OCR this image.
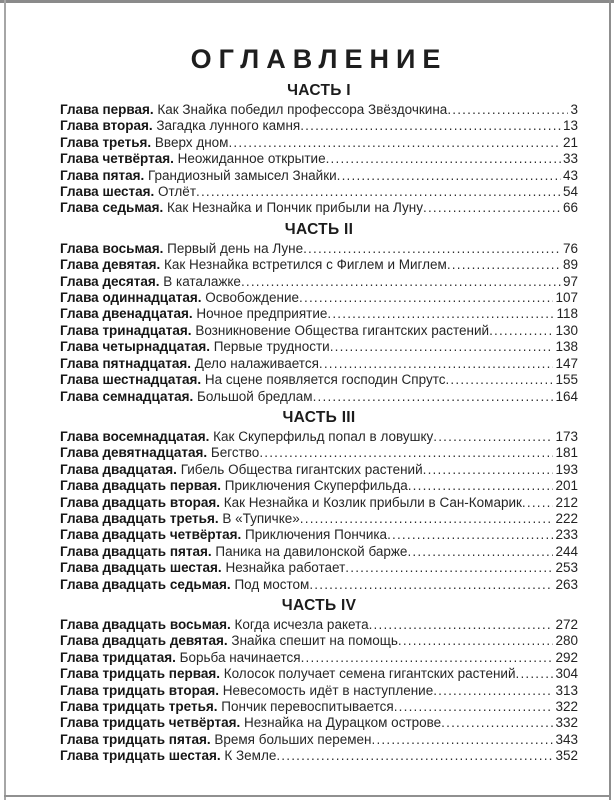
ОГЛАВЛЕНИЕ
ЧАСТЬ I
Глава первая. Как Знайка победил профессора Звёздочкина .....	3
Глава вторая. Загадка лунного камня .....	13
Глава третья. Вверх дном .....	21
Глава четвёртая. Неожиданное открытие .....	33
Глава пятая. Грандиозный замысел Знайки .....	43
Глава шестая. Отлёт .....	54
Глава седьмая. Как Незнайка и Пончик прибыли на Луну .....	66
ЧАСТЬ II
Глава восьмая. Первый день на Луне .....	76
Глава девятая. Как Незнайка встретился с Фиглем и Миглем .....	89
Глава десятая. В каталажке .....	97
Глава одиннадцатая. Освобождение .....	107
Глава двенадцатая. Ночное предприятие .....	118
Глава тринадцатая. Возникновение Общества гигантских растений .....	130
Глава четырнадцатая. Первые трудности .....	138
Глава пятнадцатая. Дело налаживается .....	147
Глава шестнадцатая. На сцене появляется господин Спрутс .....	155
Глава семнадцатая. Большой бредлам .....	164
ЧАСТЬ III
Глава восемнадцатая. Как Скуперфильд попал в ловушку .....	173
Глава девятнадцатая. Бегство .....	181
Глава двадцатая. Гибель Общества гигантских растений .....	193
Глава двадцать первая. Приключения Скуперфильда .....	201
Глава двадцать вторая. Как Незнайка и Козлик прибыли в Сан-Комарик ..... 212
Глава двадцать третья. В «Тупичке» .....	222
Глава двадцать четвёртая. Приключения Пончика .....	233
Глава двадцать пятая. Паника на давилонской барже .....	244
Глава двадцать шестая. Незнайка работает .....	253
Глава двадцать седьмая. Под мостом .....	263
ЧАСТЬ IV
Глава двадцать восьмая. Когда исчезла ракета .....	272
Глава двадцать девятая. Знайка спешит на помощь .....	280
Глава тридцатая. Борьба начинается .....	292
Глава тридцать первая. Колосок получает семена гигантских растений .....	304
Глава тридцать вторая. Невесомость идёт в наступление .....	313
Глава тридцать третья. Пончик перевоспитывается .....	322
Глава тридцать четвёртая. Незнайка на Дурацком острове .....	332
Глава тридцать пятая. Время больших перемен .....	343
Глава тридцать шестая. К Земле .....	352
